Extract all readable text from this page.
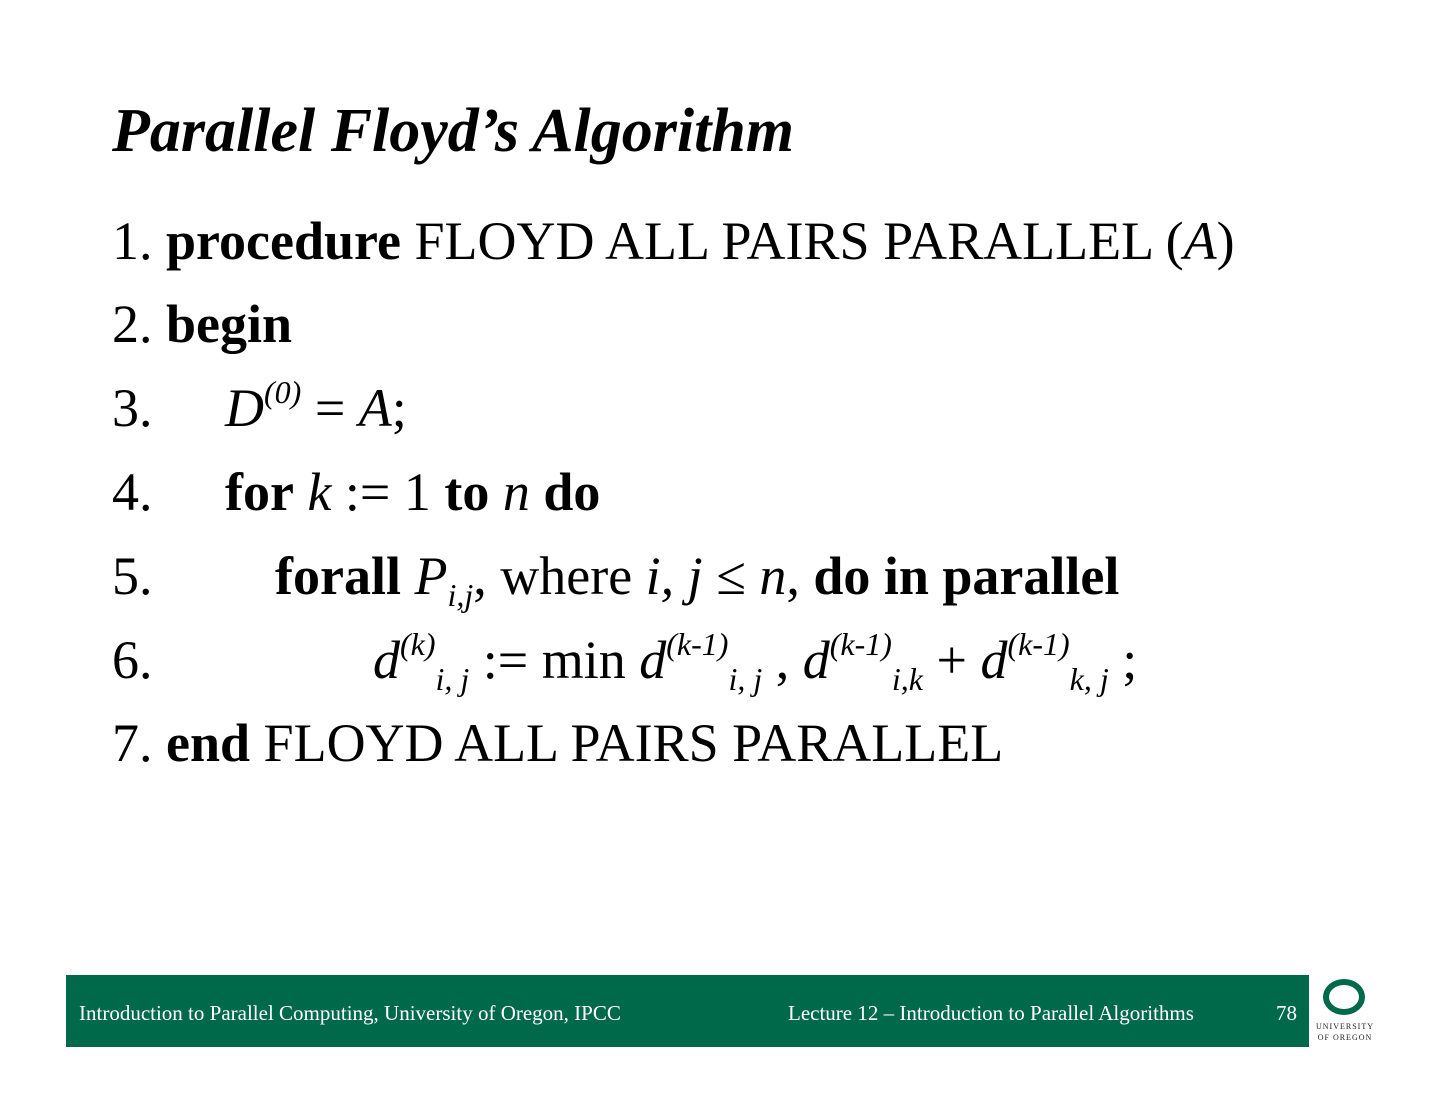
Parallel Floyd’s Algorithm
1. procedure FLOYD ALL PAIRS PARALLEL (A)
2. begin
3. $D^{(0)} = A$;
4. for k := 1 to n do
5. forall $P_{i,j}$, where i, j ≤ n, do in parallel
6.	$d^{(k)}_{i, j}$ := $\min d^{(k-1)}_{i, j}$ , $d^{(k-1)}_{i,k} + d^{(k-1)}_{k, j}$ ;
7. end FLOYD ALL PAIRS PARALLEL
Introduction to Parallel Computing, University of Oregon, IPCC	Lecture 12 – Introduction to Parallel Algorithms	78
UNIVERSITY
OF OREGON
